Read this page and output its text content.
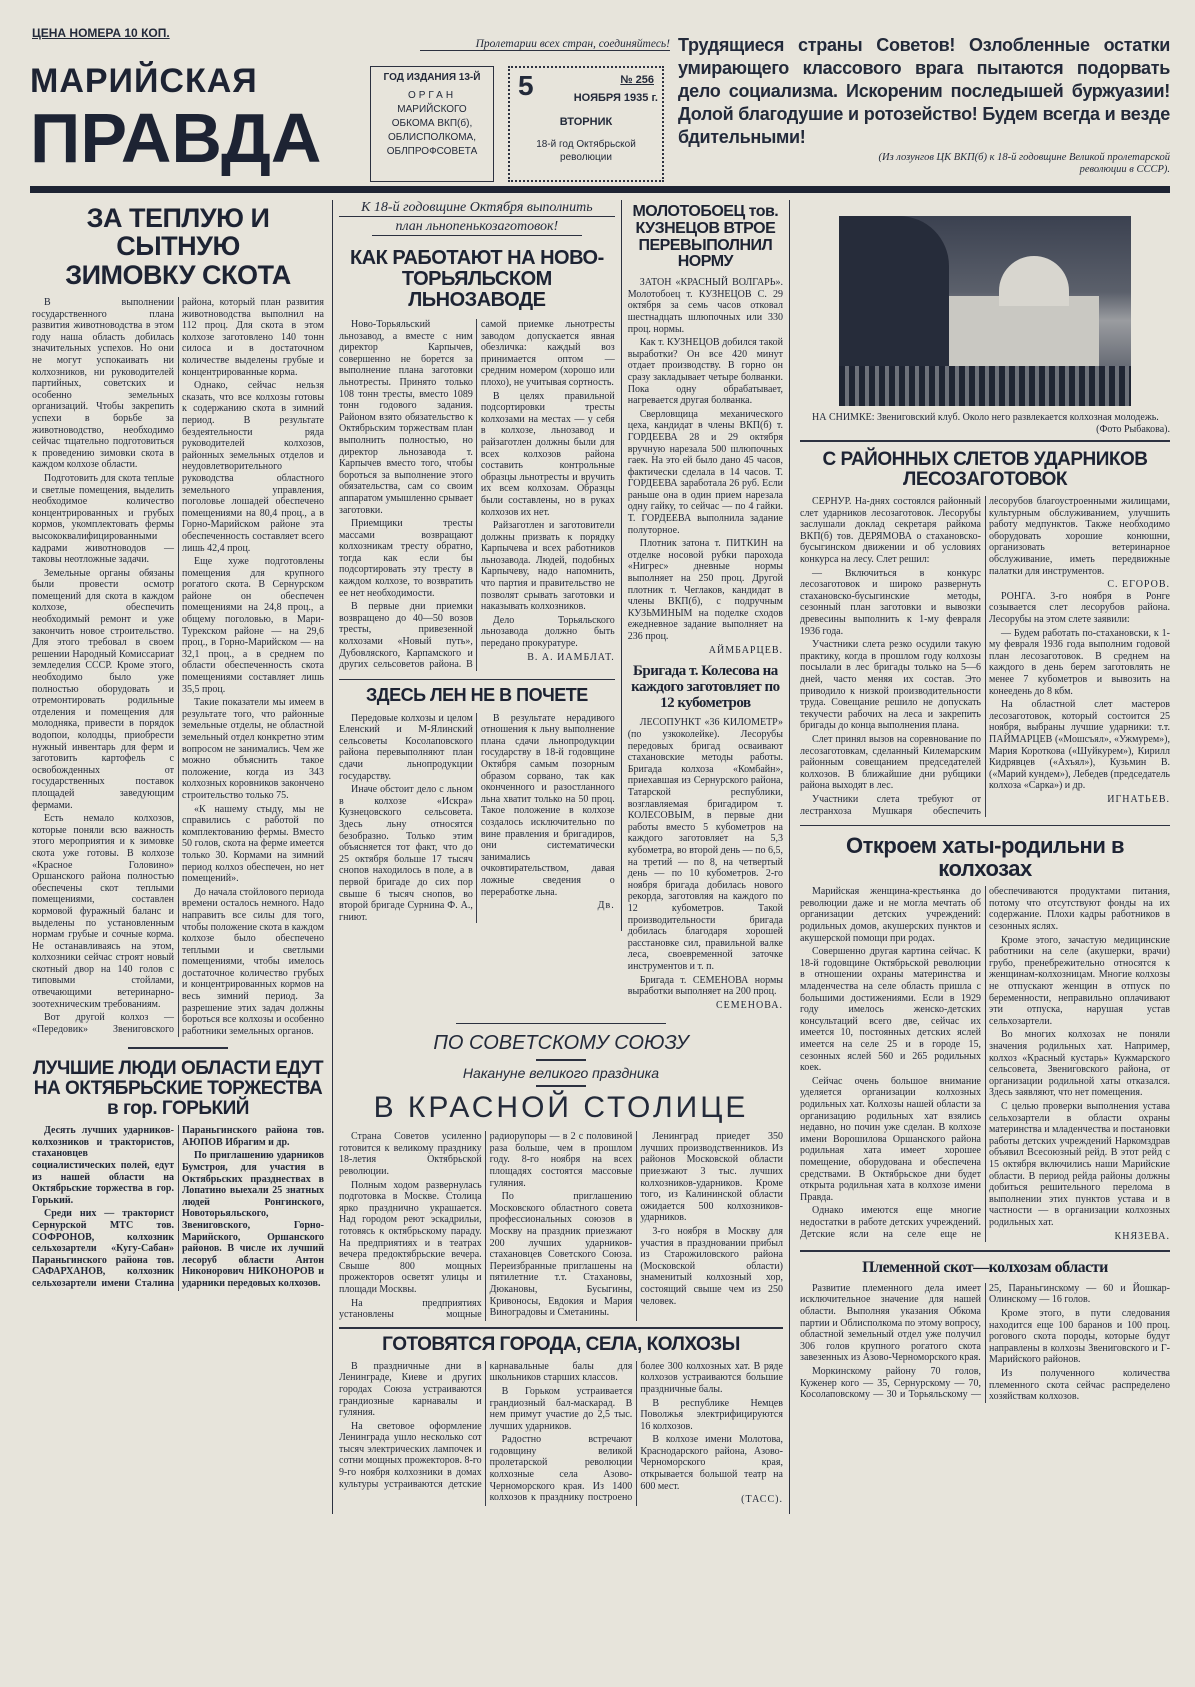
ЦЕНА НОМЕРА 10 КОП.
Пролетарии всех стран, соединяйтесь!
МАРИЙСКАЯ
ПРАВДА
ГОД ИЗДАНИЯ 13-Й
ОРГАН
МАРИЙСКОГО
ОБКОМА ВКП(б),
ОБЛИСПОЛКОМА,
ОБЛПРОФСОВЕТА
5	№ 256
НОЯБРЯ 1935 г.
ВТОРНИК
18-й год Октябрьской революции
Трудящиеся страны Советов! Озлобленные остатки умирающего классового врага пытаются подорвать дело социализма. Искореним последышей буржуазии! Долой благодушие и ротозейство! Будем всегда и везде бдительными!
(Из лозунгов ЦК ВКП(б) к 18-й годовщине Великой пролетарской революции в СССР).
ЗА ТЕПЛУЮ И СЫТНУЮ ЗИМОВКУ СКОТА

В выполнении государственного плана развития животноводства в этом году наша область добилась значительных успехов. Но они не могут успокаивать ни колхозников, ни руководителей партийных, советских и особенно земельных организаций. Чтобы закрепить успехи в борьбе за животноводство, необходимо сейчас тщательно подготовиться к проведению зимовки скота в каждом колхозе области.

Подготовить для скота теплые и светлые помещения, выделить необходимое количество концентрированных и грубых кормов, укомплектовать фермы высококвалифицированными кадрами животноводов — таковы неотложные задачи.

Земельные органы обязаны были провести осмотр помещений для скота в каждом колхозе, обеспечить необходимый ремонт и уже закончить новое строительство. Для этого требовал в своем решении Народный Комиссариат земледелия СССР. Кроме этого, необходимо было уже полностью оборудовать и отремонтировать родильные отделения и помещения для молодняка, привести в порядок водопои, колодцы, приобрести нужный инвентарь для ферм и заготовить картофель с освобожденных от государственных поставок площадей заведующим фермами.

Есть немало колхозов, которые поняли всю важность этого мероприятия и к зимовке скота уже готовы. В колхозе «Красное Головино» Оршанского района полностью обеспечены скот теплыми помещениями, составлен кормовой фуражный баланс и выделены по установленным нормам грубые и сочные корма. Не останавливаясь на этом, колхозники сейчас строят новый скотный двор на 140 голов с типовыми стойлами, отвечающими ветеринарно-зоотехническим требованиям.

Вот другой колхоз — «Передовик» Звениговского района, который план развития животноводства выполнил на 112 проц. Для скота в этом колхозе заготовлено 140 тонн силоса и в достаточном количестве выделены грубые и концентрированные корма.

Однако, сейчас нельзя сказать, что все колхозы готовы к содержанию скота в зимний период. В результате бездеятельности ряда руководителей колхозов, районных земельных отделов и неудовлетворительного руководства областного земельного управления, поголовье лошадей обеспечено помещениями на 80,4 проц., а в Горно-Марийском районе эта обеспеченность составляет всего лишь 42,4 проц.

Еще хуже подготовлены помещения для крупного рогатого скота. В Сернурском районе он обеспечен помещениями на 24,8 проц., а общему поголовью, в Мари-Турекском районе — на 29,6 проц., в Горно-Марийском — на 32,1 проц., а в среднем по области обеспеченность скота помещениями составляет лишь 35,5 проц.

Такие показатели мы имеем в результате того, что районные земельные отделы, не областной земельный отдел конкретно этим вопросом не занимались. Чем же можно объяснить такое положение, когда из 343 колхозных коровников закончено строительство только 75.

«К нашему стыду, мы не справились с работой по комплектованию фермы. Вместо 50 голов, скота на ферме имеется только 30. Кормами на зимний период колхоз обеспечен, но нет помещений».

До начала стойлового периода времени осталось немного. Надо направить все силы для того, чтобы положение скота в каждом колхозе было обеспечено теплыми и светлыми помещениями, чтобы имелось достаточное количество грубых и концентрированных кормов на весь зимний период. За разрешение этих задач должны бороться все колхозы и особенно работники земельных органов.

ЛУЧШИЕ ЛЮДИ ОБЛАСТИ ЕДУТ НА ОКТЯБРЬСКИЕ ТОРЖЕСТВА в гор. ГОРЬКИЙ

Десять лучших ударников-колхозников и трактористов, стахановцев социалистических полей, едут из нашей области на Октябрьские торжества в гор. Горький.

Среди них — тракторист Сернурской МТС тов. СОФРОНОВ, колхозник сельхозартели «Кугу-Сабан» Параньгинского района тов. САФАРХАНОВ, колхозник сельхозартели имени Сталина Параньгинского района тов. АЮПОВ Ибрагим и др.

По приглашению ударников Бумстроя, для участия в Октябрьских празднествах в Лопатино выехали 25 знатных людей Ронгинского, Новоторьяльского, Звениговского, Горно-Марийского, Оршанского районов. В числе их лучший лесоруб области Антон Никонорович НИКОНОРОВ и ударники передовых колхозов.

К 18-й годовщине Октября выполнить
план льнопенькозаготовок!
КАК РАБОТАЮТ НА НОВО-ТОРЬЯЛЬСКОМ ЛЬНОЗАВОДЕ

Ново-Торьяльский льнозавод, а вместе с ним директор Карпычев, совершенно не борется за выполнение плана заготовки льнотресты. Принято только 108 тонн тресты, вместо 1089 тонн годового задания. Районом взято обязательство к Октябрьским торжествам план выполнить полностью, но директор льнозавода т. Карпычев вместо того, чтобы бороться за выполнение этого обязательства, сам со своим аппаратом умышленно срывает заготовки.

Приемщики тресты массами возвращают колхозникам тресту обратно, тогда как если бы подсортировать эту тресту в каждом колхозе, то возвратить ее нет необходимости.

В первые дни приемки возвращено до 40—50 возов тресты, привезенной колхозами «Новый путь», Дубовляского, Карпамского и других сельсоветов района. В самой приемке льнотресты заводом допускается явная обезличка: каждый воз принимается оптом — средним номером (хорошо или плохо), не учитывая сортность.

В целях правильной подсортировки тресты колхозами на местах — у себя в колхозе, льнозавод и райзаготлен должны были для всех колхозов района составить контрольные образцы льнотресты и вручить их всем колхозам. Образцы были составлены, но в руках колхозов их нет.

Райзаготлен и заготовители должны призвать к порядку Карпычева и всех работников льнозавода. Людей, подобных Карпычеву, надо напомнить, что партия и правительство не позволят срывать заготовки и наказывать колхозников.

Дело Торьяльского льнозавода должно быть передано прокуратуре.

В. А. ИАМБЛАТ.
ЗДЕСЬ ЛЕН НЕ В ПОЧЕТЕ

Передовые колхозы и целом Еленский и М-Ялинский сельсоветы Косолаповского района перевыполняют план сдачи льнопродукции государству.

Иначе обстоит дело с льном в колхозе «Искра» Кузнецовского сельсовета. Здесь льну относятся безобразно. Только этим объясняется тот факт, что до 25 октября больше 17 тысяч снопов находилось в поле, а в первой бригаде до сих пор свыше 6 тысяч снопов, во второй бригаде Сурнина Ф. А., гниют.

В результате нерадивого отношения к льну выполнение плана сдачи льнопродукции государству в 18-й годовщине Октября самым позорным образом сорвано, так как оконченного и разостланного льна хватит только на 50 проц. Такое положение в колхозе создалось исключительно по вине правления и бригадиров, они систематически занимались очковтирательством, давая ложные сведения о переработке льна.

Дв.
МОЛОТОБОЕЦ тов. КУЗНЕЦОВ ВТРОЕ ПЕРЕВЫПОЛНИЛ НОРМУ

ЗАТОН «КРАСНЫЙ ВОЛГАРЬ». Молотобоец т. КУЗНЕЦОВ С. 29 октября за семь часов отковал шестнадцать шлюпочных или 330 проц. нормы.

Как т. КУЗНЕЦОВ добился такой выработки? Он все 420 минут отдает производству. В горно он сразу закладывает четыре болванки. Пока одну обрабатывает, нагревается другая болванка.

Сверловщица механического цеха, кандидат в члены ВКП(б) т. ГОРДЕЕВА 28 и 29 октября вручную нарезала 500 шлюпочных гаек. На это ей было дано 45 часов, фактически сделала в 14 часов. Т. ГОРДЕЕВА заработала 26 руб. Если раньше она в один прием нарезала одну гайку, то сейчас — по 4 гайки. Т. ГОРДЕЕВА выполнила задание полуторное.

Плотник затона т. ПИТКИН на отделке носовой рубки парохода «Нигрес» дневные нормы выполняет на 250 проц. Другой плотник т. Чеглаков, кандидат в члены ВКП(б), с подручным КУЗЬМИНЫМ на поделке сходов ежедневное задание выполняет на 236 проц.

АЙМБАРЦЕВ.
Бригада т. Колесова на каждого заготовляет по 12 кубометров

ЛЕСОПУНКТ «36 КИЛОМЕТР» (по узкоколейке). Лесорубы передовых бригад осваивают стахановские методы работы. Бригада колхоза «Комбайн», приехавшая из Сернурского района, Татарской республики, возглавляемая бригадиром т. КОЛЕСОВЫМ, в первые дни работы вместо 5 кубометров на каждого заготовляет на 5,3 кубометра, во второй день — по 6,5, на третий — по 8, на четвертый день — по 10 кубометров. 2-го ноября бригада добилась нового рекорда, заготовляя на каждого по 12 кубометров. Такой производительности бригада добилась благодаря хорошей расстановке сил, правильной валке леса, своевременной заточке инструментов и т. п.

Бригада т. СЕМЕНОВА нормы выработки выполняет на 200 проц.

СЕМЕНОВА.
ПО СОВЕТСКОМУ СОЮЗУ
Накануне великого праздника
В КРАСНОЙ СТОЛИЦЕ

Страна Советов усиленно готовится к великому празднику 18-летия Октябрьской революции.

Полным ходом развернулась подготовка в Москве. Столица ярко празднично украшается. Над городом реют эскадрильи, готовясь к октябрьскому параду. На предприятиях и в театрах вечера предоктябрьские вечера. Свыше 800 мощных прожекторов осветят улицы и площади Москвы.

На предприятиях установлены мощные радиорупоры — в 2 с половиной раза больше, чем в прошлом году. 8-го ноября на всех площадях состоятся массовые гуляния.

По приглашению Московского областного совета профессиональных союзов в Москву на праздник приезжают 200 лучших ударников-стахановцев Советского Союза. Переизбранные приглашены на пятилетние т.т. Стахановы, Дюкановы, Бусыгины, Кривоносы, Евдокия и Мария Виноградовы и Сметанины.

Ленинград приедет 350 лучших производственников. Из районов Московской области приезжают 3 тыс. лучших колхозников-ударников. Кроме того, из Калининской области ожидается 500 колхозников-ударников.

3-го ноября в Москву для участия в праздновании прибыл из Старожиловского района (Московской области) знаменитый колхозный хор, состоящий свыше чем из 250 человек.

ГОТОВЯТСЯ ГОРОДА, СЕЛА, КОЛХОЗЫ

В праздничные дни в Ленинграде, Киеве и других городах Союза устраиваются грандиозные карнавалы и гуляния.

На световое оформление Ленинграда ушло несколько сот тысяч электрических лампочек и сотни мощных прожекторов. 8-го 9-го ноября колхозники в домах культуры устраиваются детские карнавальные балы для школьников старших классов.

В Горьком устраивается грандиозный бал-маскарад. В нем примут участие до 2,5 тыс. лучших ударников.

Радостно встречают годовщину великой пролетарской революции колхозные села Азово-Черноморского края. Из 1400 колхозов к празднику построено более 300 колхозных хат. В ряде колхозов устраиваются большие праздничные балы.

В республике Немцев Поволжья электрифицируются 16 колхозов.

В колхозе имени Молотова, Краснодарского района, Азово-Черноморского края, открывается большой театр на 600 мест.

(ТАСС).
НА СНИМКЕ: Звениговский клуб. Около него развлекается колхозная молодежь.
(Фото Рыбакова).
С РАЙОННЫХ СЛЕТОВ УДАРНИКОВ ЛЕСОЗАГОТОВОК

СЕРНУР. На-днях состоялся районный слет ударников лесозаготовок. Лесорубы заслушали доклад секретаря райкома ВКП(б) тов. ДЕРЯМОВА о стахановско-бусыгинском движении и об условиях конкурса на лесу. Слет решил:

— Включиться в конкурс лесозаготовок и широко развернуть стахановско-бусыгинские методы, сезонный план заготовки и вывозки древесины выполнить к 1-му февраля 1936 года.

Участники слета резко осудили такую практику, когда в прошлом году колхозы посылали в лес бригады только на 5—6 дней, часто меняя их состав. Это приводило к низкой производительности труда. Совещание решило не допускать текучести рабочих на леса и закрепить бригады до конца выполнения плана.

Слет принял вызов на соревнование по лесозаготовкам, сделанный Килемарским районным совещанием председателей колхозов. В ближайшие дни рубщики района выходят в лес.

Участники слета требуют от лестранхоза Мушкаря обеспечить лесорубов благоустроенными жилищами, культурным обслуживанием, улучшить работу медпунктов. Также необходимо оборудовать хорошие конюшни, организовать ветеринарное обслуживание, иметь передвижные палатки для инструментов.

С. ЕГОРОВ.

РОНГА. 3-го ноября в Ронге созывается слет лесорубов района. Лесорубы на этом слете заявили:

— Будем работать по-стахановски, к 1-му февраля 1936 года выполним годовой план лесозаготовок. В среднем на каждого в день берем заготовлять не менее 7 кубометров и вывозить на конеедень до 8 кбм.

На областной слет мастеров лесозаготовок, который состоится 25 ноября, выбраны лучшие ударники: т.т. ПАЙМАРЦЕВ («Мошсъял», «Ужмурем»), Мария Короткова («Шуйкурем»), Кирилл Кидрявцев («Ахъял»), Кузьмин В. («Марий кундем»), Лебедев (председатель колхоза «Сарка») и др.

ИГНАТЬЕВ.
Откроем хаты-родильни в колхозах

Марийская женщина-крестьянка до революции даже и не могла мечтать об организации детских учреждений: родильных домов, акушерских пунктов и акушерской помощи при родах.

Совершенно другая картина сейчас. К 18-й годовщине Октябрьской революции в отношении охраны материнства и младенчества на селе область пришла с большими достижениями. Если в 1929 году имелось женско-детских консультаций всего две, сейчас их имеется 10, постоянных детских яслей имеется на селе 25 и в городе 15, сезонных яслей 560 и 265 родильных коек.

Сейчас очень большое внимание уделяется организации колхозных родильных хат. Колхозы нашей области за организацию родильных хат взялись недавно, но почин уже сделан. В колхозе имени Ворошилова Оршанского района родильная хата имеет хорошее помещение, оборудована и обеспечена средствами. В Октябрьское дни будет открыта родильная хата в колхозе имени Правда.

Однако имеются еще многие недостатки в работе детских учреждений. Детские ясли на селе еще не обеспечиваются продуктами питания, потому что отсутствуют фонды на их содержание. Плохи кадры работников в сезонных яслях.

Кроме этого, зачастую медицинские работники на селе (акушерки, врачи) грубо, пренебрежительно относятся к женщинам-колхозницам. Многие колхозы не отпускают женщин в отпуск по беременности, неправильно оплачивают эти отпуска, нарушая устав сельхозартели.

Во многих колхозах не поняли значения родильных хат. Например, колхоз «Красный кустарь» Кужмарского сельсовета, Звениговского района, от организации родильной хаты отказался. Здесь заявляют, что нет помещения.

С целью проверки выполнения устава сельхозартели в области охраны материнства и младенчества и постановки работы детских учреждений Наркомздрав объявил Всесоюзный рейд. В этот рейд с 15 октября включились наши Марийские области. В период рейда районы должны добиться решительного перелома в выполнении этих пунктов устава и в частности — в организации колхозных родильных хат.

КНЯЗЕВА.
Племенной скот—колхозам области

Развитие племенного дела имеет исключительное значение для нашей области. Выполняя указания Обкома партии и Облисполкома по этому вопросу, областной земельный отдел уже получил 306 голов крупного рогатого скота завезенных из Азово-Черноморского края.

Моркинскому району 70 голов, Куженер кого — 35, Сернурскому — 70, Косолаповскому — 30 и Торьяльскому — 25, Параньгинскому — 60 и Йошкар-Олинскому — 16 голов.

Кроме этого, в пути следования находится еще 100 баранов и 100 проц. рогового скота породы, которые будут направлены в колхозы Звениговского и Г-Марийского районов.

Из полученного количества племенного скота сейчас распределено хозяйствам колхозов.
